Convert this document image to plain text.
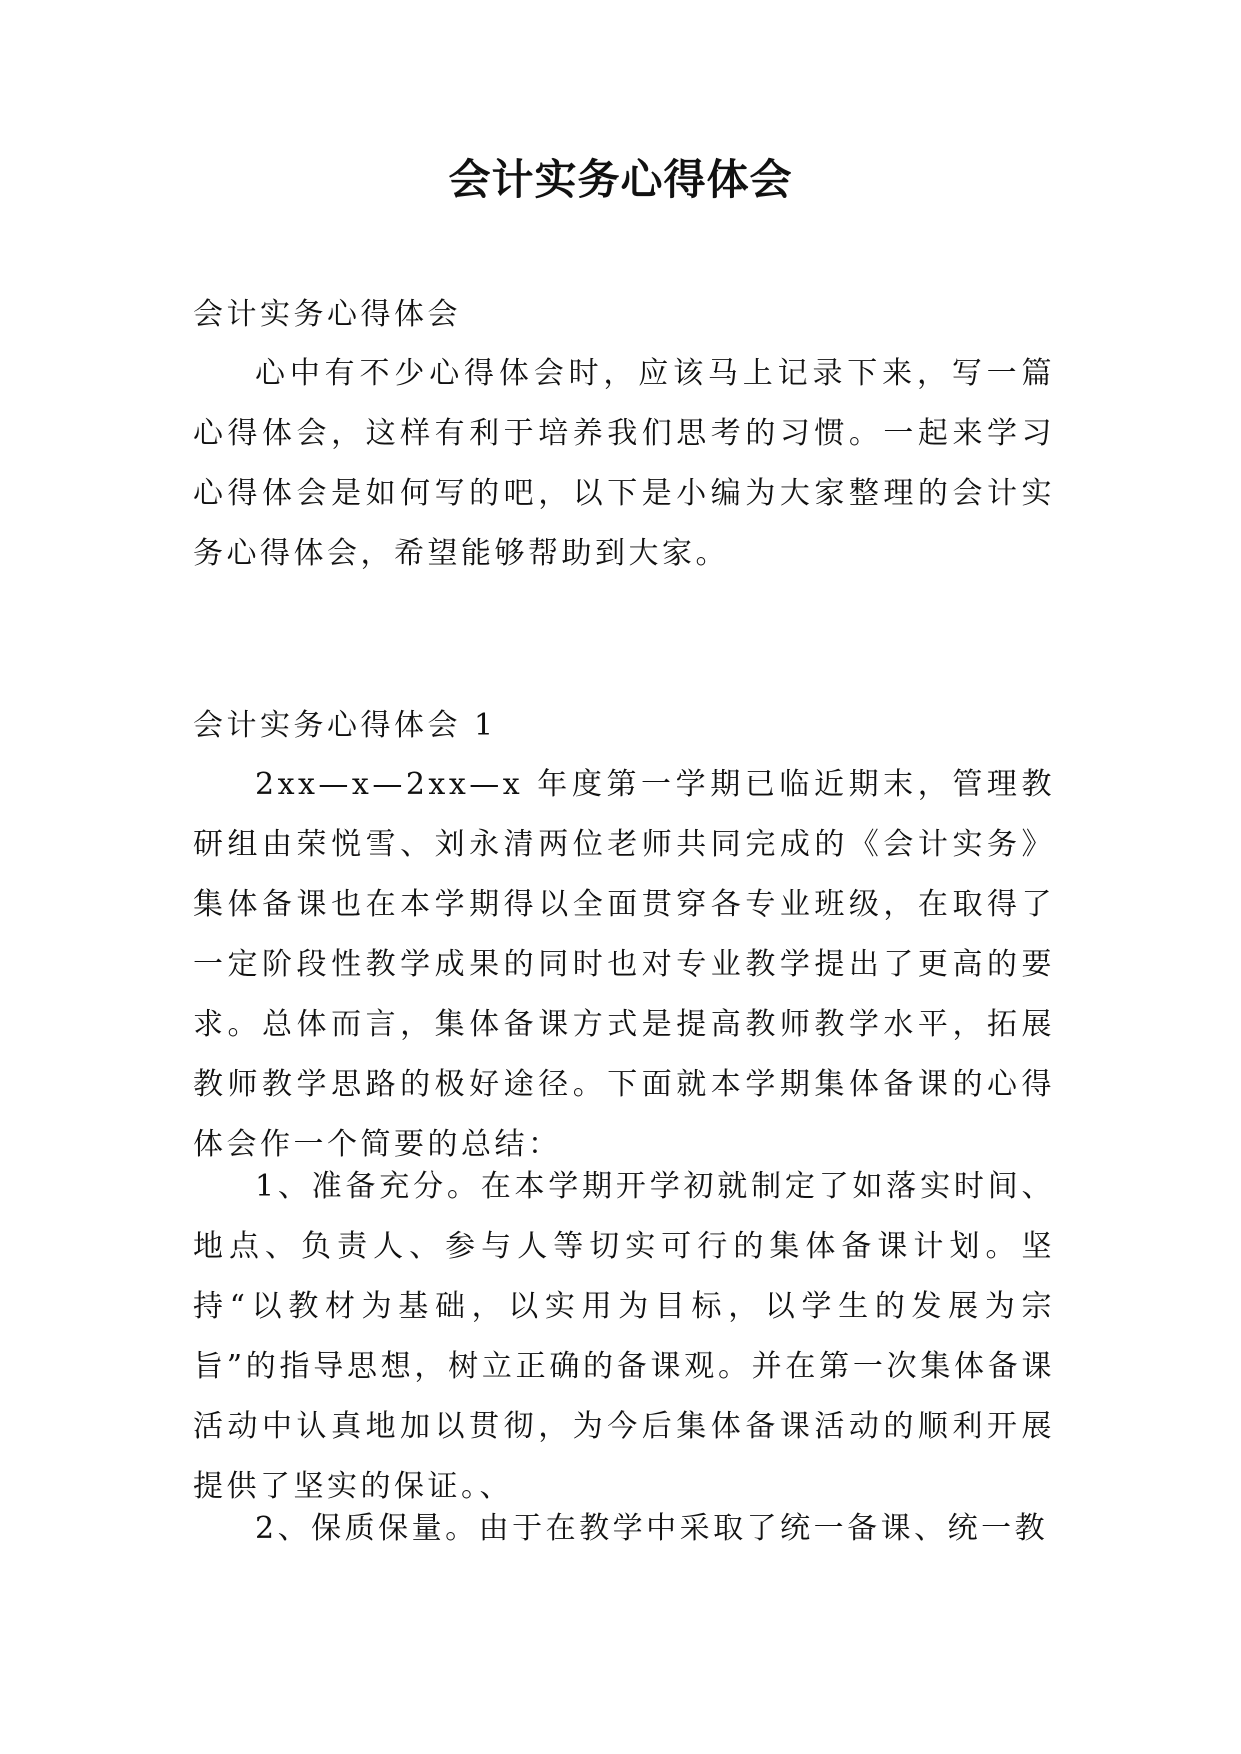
会计实务心得体会
会计实务心得体会
心中有不少心得体会时，应该马上记录下来，写一篇心得体会，这样有利于培养我们思考的习惯。一起来学习心得体会是如何写的吧，以下是小编为大家整理的会计实务心得体会，希望能够帮助到大家。
会计实务心得体会 1
2xx—x—2xx—x 年度第一学期已临近期末，管理教研组由荣悦雪、刘永清两位老师共同完成的《会计实务》集体备课也在本学期得以全面贯穿各专业班级，在取得了一定阶段性教学成果的同时也对专业教学提出了更高的要求。总体而言，集体备课方式是提高教师教学水平，拓展教师教学思路的极好途径。下面就本学期集体备课的心得体会作一个简要的总结：
1、准备充分。在本学期开学初就制定了如落实时间、地点、负责人、参与人等切实可行的集体备课计划。坚持“以教材为基础，以实用为目标，以学生的发展为宗旨”的指导思想，树立正确的备课观。并在第一次集体备课活动中认真地加以贯彻，为今后集体备课活动的顺利开展提供了坚实的保证。、
2、保质保量。由于在教学中采取了统一备课、统一教
